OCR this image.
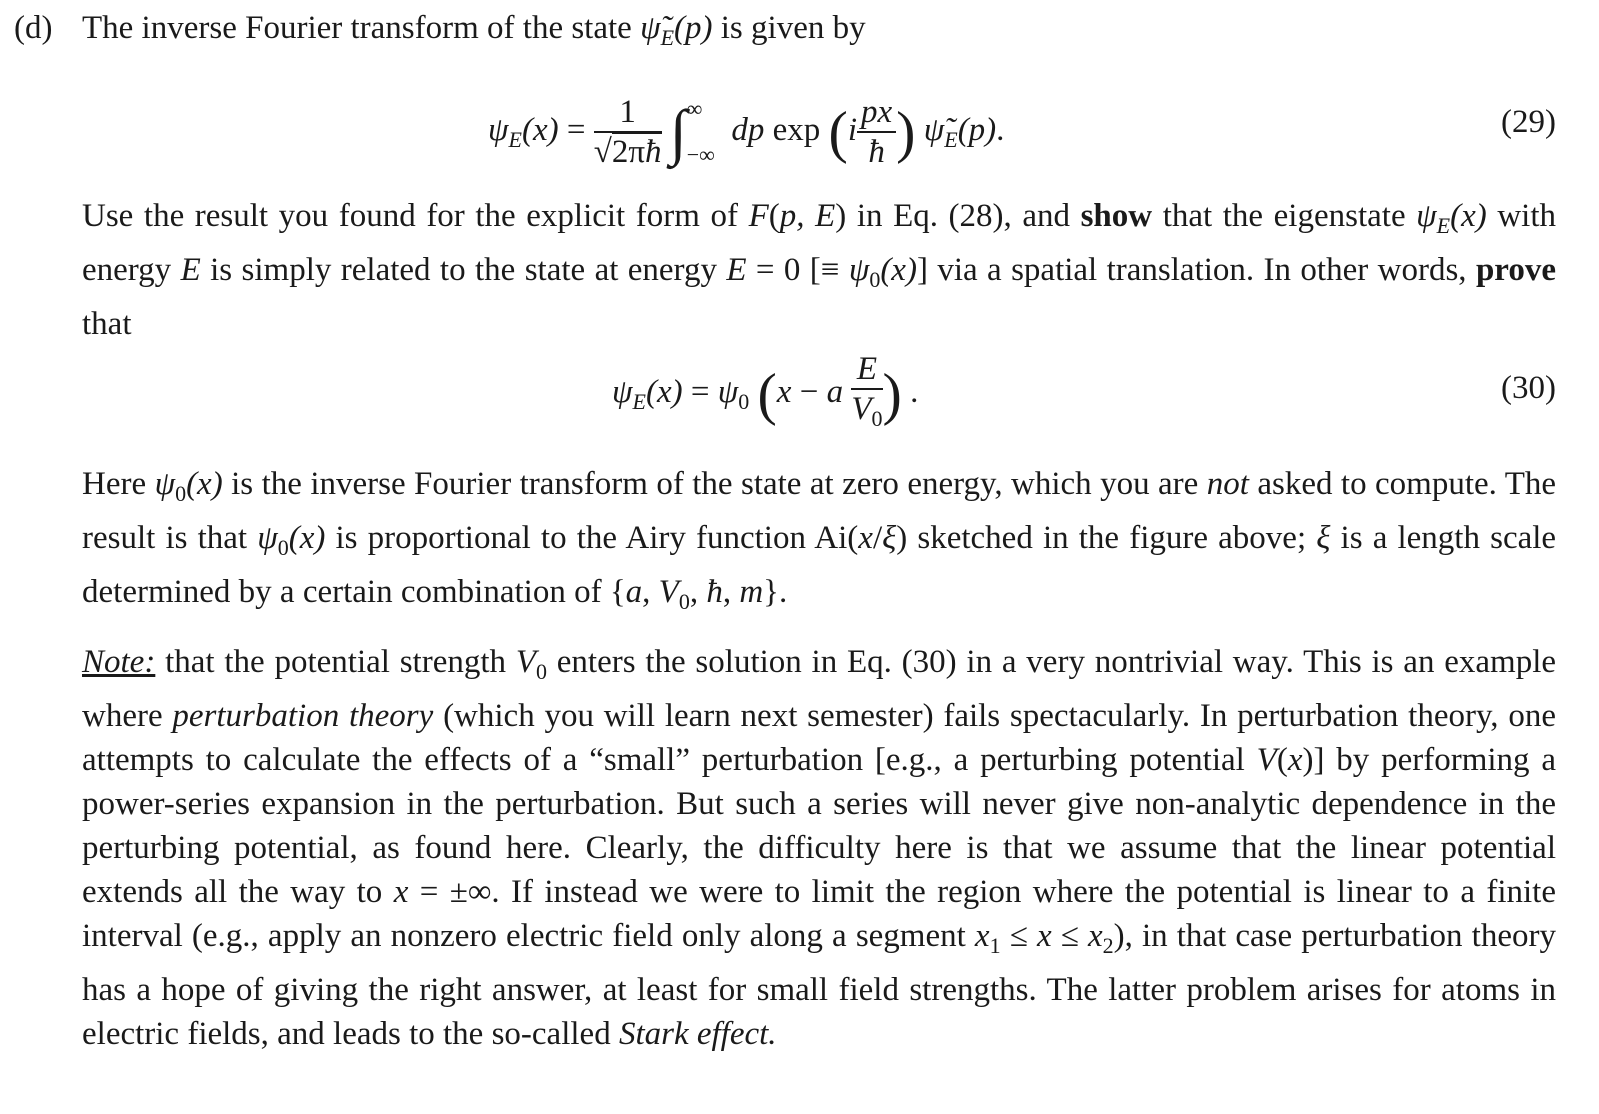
(d) The inverse Fourier transform of the state $\psĩ_E(p)$ is given by
$\psi_E(x) = \frac{1}{√2\pi ħ}$ ∫ ∞
−∞
dp $\exp (i \frac{px}{ħ}$ ) $\psĩ_E(p)$.	(29)
Use the result you found for the explicit form of F(p, E) in Eq. (28), and show that the eigenstate $\psi_E(x)$ with energy E is simply related to the state at energy E = 0 [≡ $\psi_0(x)$] via a spatial translation. In other words, prove that
$\psi_E(x) = \psi_0$ (x − a $\frac{E}{V_0}$ ) .	(30)
Here $\psi_0(x)$ is the inverse Fourier transform of the state at zero energy, which you are not asked to compute. The result is that $\psi_0(x)$ is proportional to the Airy function Ai(x/ξ) sketched in the figure above; ξ is a length scale determined by a certain combination of {a, $V_0$, ħ, m}.
Note: that the potential strength $V_0$ enters the solution in Eq. (30) in a very nontrivial way. This is an example where perturbation theory (which you will learn next semester) fails spectacularly. In perturbation theory, one attempts to calculate the effects of a “small” perturbation [e.g., a perturbing potential V(x)] by performing a power-series expansion in the perturbation. But such a series will never give non-analytic dependence in the perturbing potential, as found here. Clearly, the difficulty here is that we assume that the linear potential extends all the way to x = ±∞. If instead we were to limit the region where the potential is linear to a finite interval (e.g., apply an nonzero electric field only along a segment $x_1 \le x \le x_2$), in that case perturbation theory has a hope of giving the right answer, at least for small field strengths. The latter problem arises for atoms in electric fields, and leads to the so-called Stark effect.
